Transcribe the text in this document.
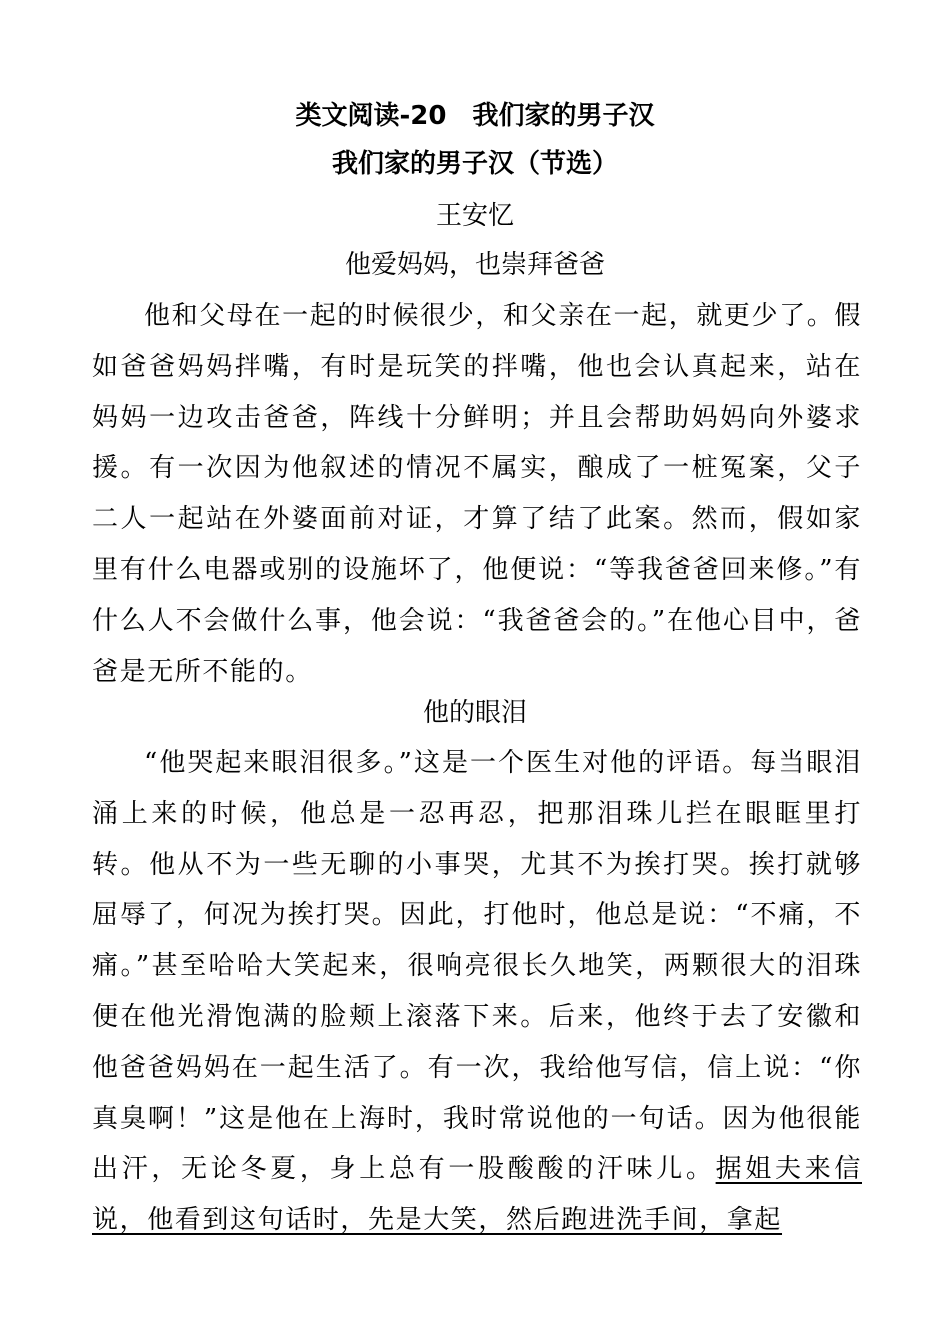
类文阅读-20　我们家的男子汉
我们家的男子汉（节选）
王安忆
他爱妈妈，也崇拜爸爸

他和父母在一起的时候很少，和父亲在一起，就更少了。假如爸爸妈妈拌嘴，有时是玩笑的拌嘴，他也会认真起来，站在妈妈一边攻击爸爸，阵线十分鲜明；并且会帮助妈妈向外婆求援。有一次因为他叙述的情况不属实，酿成了一桩冤案，父子二人一起站在外婆面前对证，才算了结了此案。然而，假如家里有什么电器或别的设施坏了，他便说：“等我爸爸回来修。”有什么人不会做什么事，他会说：“我爸爸会的。”在他心目中，爸爸是无所不能的。

他的眼泪

“他哭起来眼泪很多。”这是一个医生对他的评语。每当眼泪涌上来的时候，他总是一忍再忍，把那泪珠儿拦在眼眶里打转。他从不为一些无聊的小事哭，尤其不为挨打哭。挨打就够屈辱了，何况为挨打哭。因此，打他时，他总是说：“不痛，不痛。”甚至哈哈大笑起来，很响亮很长久地笑，两颗很大的泪珠便在他光滑饱满的脸颊上滚落下来。后来，他终于去了安徽和他爸爸妈妈在一起生活了。有一次，我给他写信，信上说：“你真臭啊！”这是他在上海时，我时常说他的一句话。因为他很能出汗，无论冬夏，身上总有一股酸酸的汗味儿。据姐夫来信说，他看到这句话时，先是大笑，然后跑进洗手间，拿起
